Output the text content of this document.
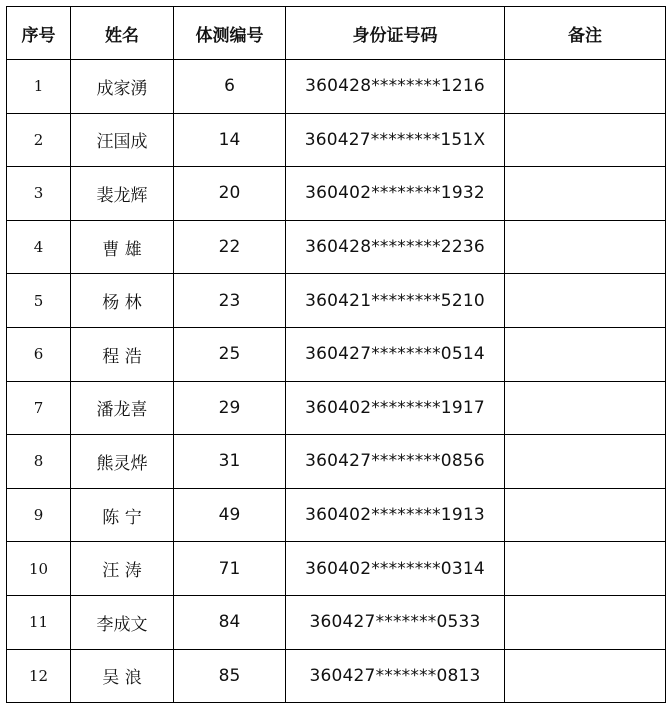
序号	姓名	体测编号	身份证号码	备注
1	成家湧	6	360428********1216	
2	汪国成	14	360427********151X	
3	裴龙辉	20	360402********1932	
4	曹 雄	22	360428********2236	
5	杨 林	23	360421********5210	
6	程 浩	25	360427********0514	
7	潘龙喜	29	360402********1917	
8	熊灵烨	31	360427********0856	
9	陈 宁	49	360402********1913	
10	汪 涛	71	360402********0314	
11	李成文	84	360427*******0533	
12	吴 浪	85	360427*******0813	
